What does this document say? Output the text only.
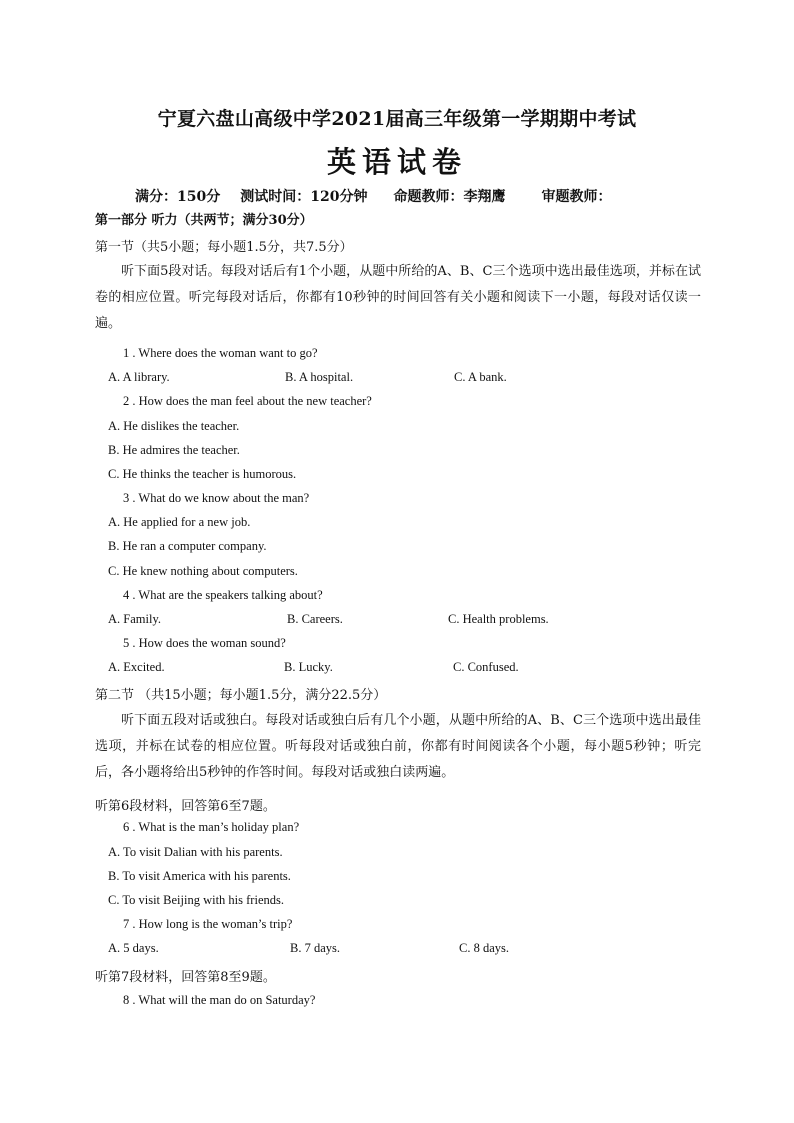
宁夏六盘山高级中学2021届高三年级第一学期期中考试
英语试卷
满分：150分 测试时间：120分钟 命题教师：李翔鹰	审题教师：
第一部分 听力（共两节；满分30分）
第一节（共5小题；每小题1.5分，共7.5分）
听下面5段对话。每段对话后有1个小题，从题中所给的A、B、C三个选项中选出最佳选项，并标在试卷的相应位置。听完每段对话后，你都有10秒钟的时间回答有关小题和阅读下一小题，每段对话仅读一遍。
1 . Where does the woman want to go?
A. A library.	B. A hospital.	C. A bank.
2 . How does the man feel about the new teacher?
A. He dislikes the teacher.
B. He admires the teacher.
C. He thinks the teacher is humorous.
3 . What do we know about the man?
A. He applied for a new job.
B. He ran a computer company.
C. He knew nothing about computers.
4 . What are the speakers talking about?
A. Family.	B. Careers.	C. Health problems.
5 . How does the woman sound?
A. Excited.	B. Lucky.	C. Confused.
第二节 （共15小题；每小题1.5分，满分22.5分）
听下面五段对话或独白。每段对话或独白后有几个小题，从题中所给的A、B、C三个选项中选出最佳选项，并标在试卷的相应位置。听每段对话或独白前，你都有时间阅读各个小题，每小题5秒钟；听完后，各小题将给出5秒钟的作答时间。每段对话或独白读两遍。
听第6段材料，回答第6至7题。
6 . What is the man’s holiday plan?
A. To visit Dalian with his parents.
B. To visit America with his parents.
C. To visit Beijing with his friends.
7 . How long is the woman’s trip?
A. 5 days.	B. 7 days.	C. 8 days.
听第7段材料，回答第8至9题。
8 . What will the man do on Saturday?
